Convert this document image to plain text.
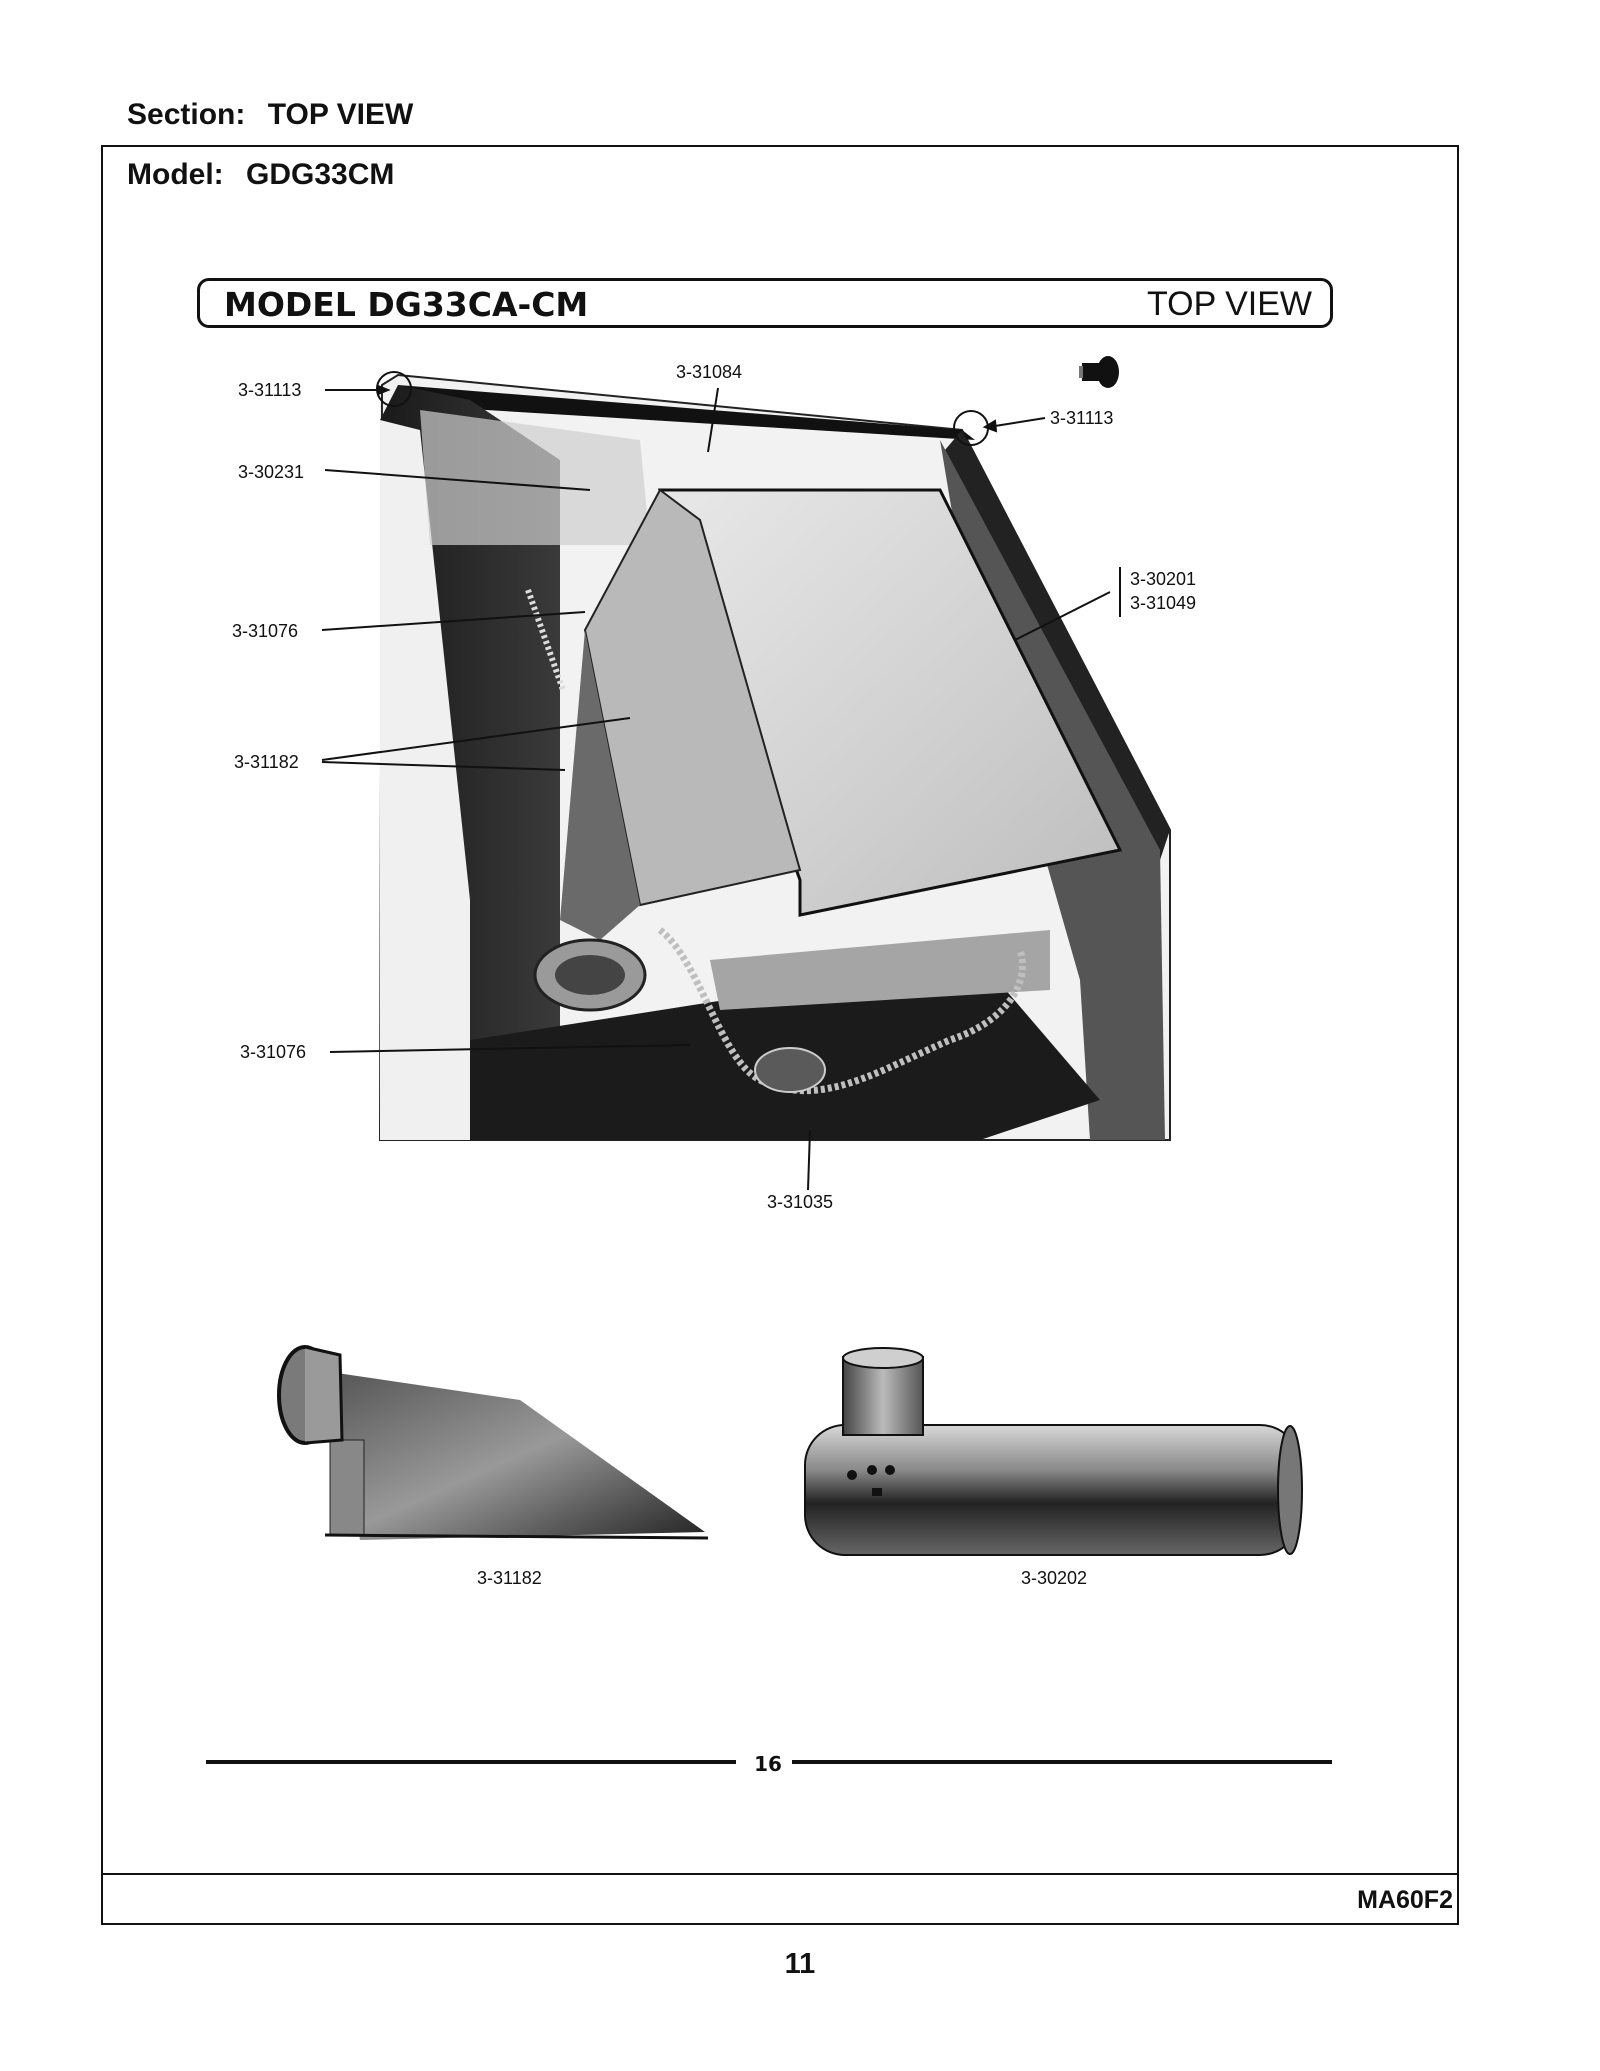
Section: TOP VIEW
Model: GDG33CM
MODEL DG33CA-CM	TOP VIEW
3-31113
3-31084
3-31113
3-30231
3-30201
3-31049
3-31076
3-31182
3-31076
3-31035
3-31182	3-30202
16
MA60F2
11
